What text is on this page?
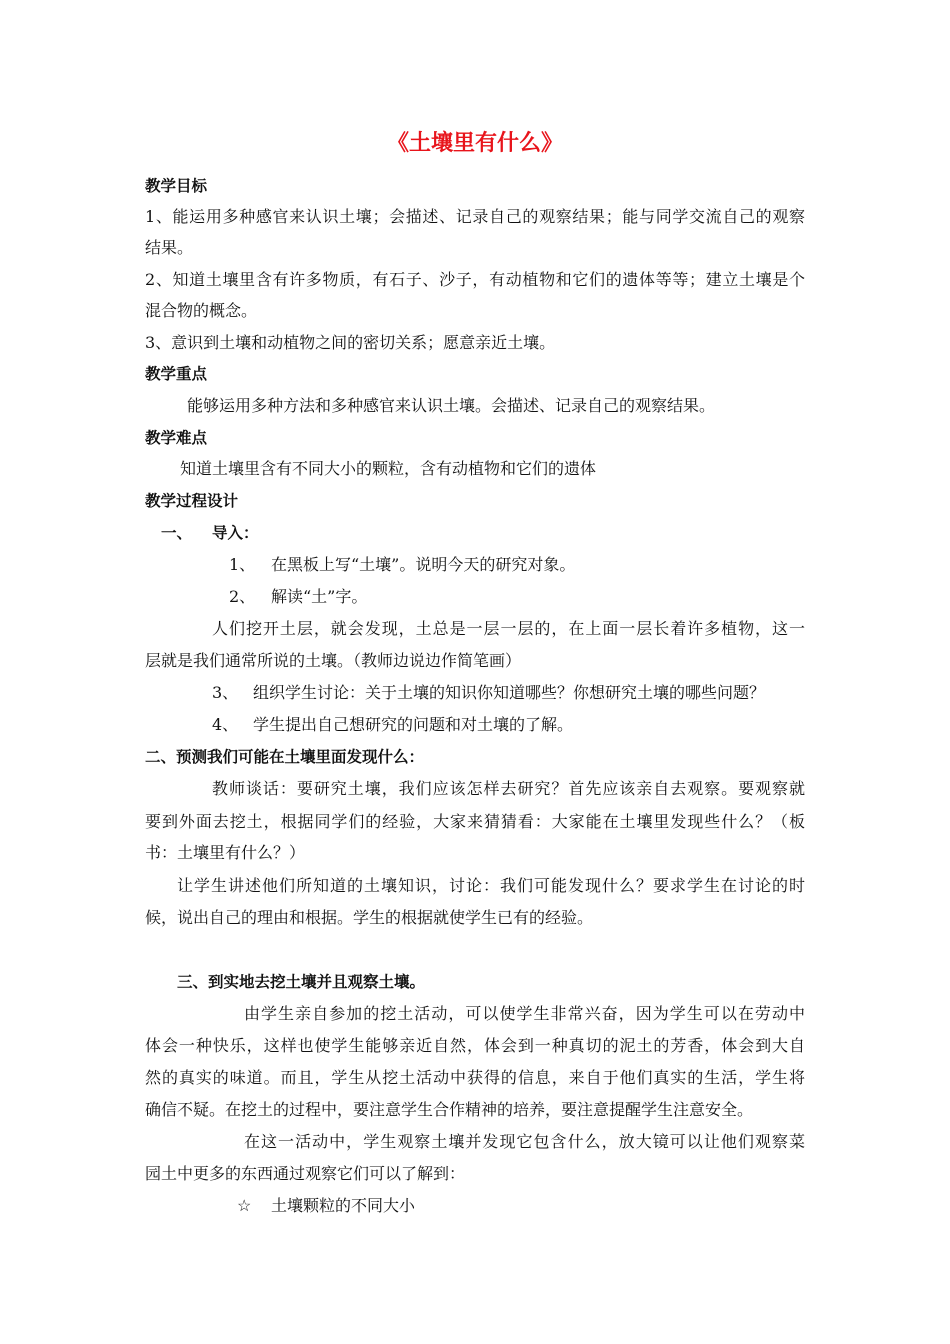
《土壤里有什么》
教学目标
1、能运用多种感官来认识土壤；会描述、记录自己的观察结果；能与同学交流自己的观察
结果。
2、知道土壤里含有许多物质，有石子、沙子，有动植物和它们的遗体等等；建立土壤是个
混合物的概念。
3、意识到土壤和动植物之间的密切关系；愿意亲近土壤。
教学重点
能够运用多种方法和多种感官来认识土壤。会描述、记录自己的观察结果。
教学难点
知道土壤里含有不同大小的颗粒，含有动植物和它们的遗体
教学过程设计
一、 导入：
1、 在黑板上写“土壤”。说明今天的研究对象。
2、 解读“土”字。
人们挖开土层，就会发现，土总是一层一层的，在上面一层长着许多植物，这一
层就是我们通常所说的土壤。（教师边说边作简笔画）
3、 组织学生讨论：关于土壤的知识你知道哪些？你想研究土壤的哪些问题？
4、 学生提出自己想研究的问题和对土壤的了解。
二、预测我们可能在土壤里面发现什么：
教师谈话：要研究土壤，我们应该怎样去研究？首先应该亲自去观察。要观察就
要到外面去挖土，根据同学们的经验，大家来猜猜看：大家能在土壤里发现些什么？（板
书：土壤里有什么？）
让学生讲述他们所知道的土壤知识，讨论：我们可能发现什么？要求学生在讨论的时
候，说出自己的理由和根据。学生的根据就使学生已有的经验。
三、到实地去挖土壤并且观察土壤。
由学生亲自参加的挖土活动，可以使学生非常兴奋，因为学生可以在劳动中
体会一种快乐，这样也使学生能够亲近自然，体会到一种真切的泥土的芳香，体会到大自
然的真实的味道。而且，学生从挖土活动中获得的信息，来自于他们真实的生活，学生将
确信不疑。在挖土的过程中，要注意学生合作精神的培养，要注意提醒学生注意安全。
在这一活动中，学生观察土壤并发现它包含什么，放大镜可以让他们观察菜
园土中更多的东西通过观察它们可以了解到：
☆ 土壤颗粒的不同大小
